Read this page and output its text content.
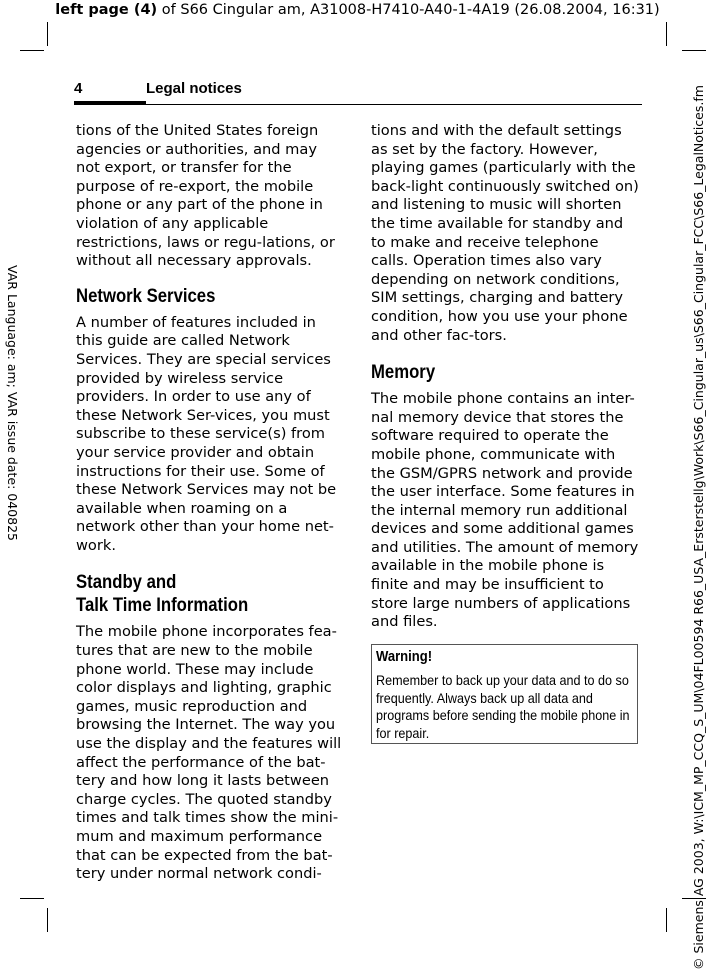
left page (4) of S66 Cingular am, A31008-H7410-A40-1-4A19 (26.08.2004, 16:31)
VAR Language: am; VAR issue date: 040825	© Siemens AG 2003, W:\ICM_MP_CCQ_S_UM\04FL00594 R66_USA_Ersterstellg\Work\S66_Cingular_us\S66_Cingular_FCC\S66_LegalNotices.fm
4	Legal notices

tions of the United States foreign agencies or authorities, and may not export, or transfer for the purpose of re-export, the mobile phone or any part of the phone in violation of any applicable restrictions, laws or regu-lations, or without all necessary approvals.

Network Services

A number of features included in this guide are called Network Services. They are special services provided by wireless service providers. In order to use any of these Network Ser-vices, you must subscribe to these service(s) from your service provider and obtain instructions for their use. Some of these Network Services may not be available when roaming on a network other than your home net-work.

Standby and
Talk Time Information

The mobile phone incorporates fea-tures that are new to the mobile phone world. These may include color displays and lighting, graphic games, music reproduction and browsing the Internet. The way you use the display and the features will affect the performance of the bat-tery and how long it lasts between charge cycles. The quoted standby times and talk times show the mini-mum and maximum performance that can be expected from the bat-tery under normal network condi-

tions and with the default settings as set by the factory. However, playing games (particularly with the back-light continuously switched on) and listening to music will shorten the time available for standby and to make and receive telephone calls. Operation times also vary depending on network conditions, SIM settings, charging and battery condition, how you use your phone and other fac-tors.

Memory

The mobile phone contains an inter-nal memory device that stores the software required to operate the mobile phone, communicate with the GSM/GPRS network and provide the user interface. Some features in the internal memory run additional devices and some additional games and utilities. The amount of memory available in the mobile phone is finite and may be insufficient to store large numbers of applications and files.

Warning!
Remember to back up your data and to do so frequently. Always back up all data and programs before sending the mobile phone in for repair.
